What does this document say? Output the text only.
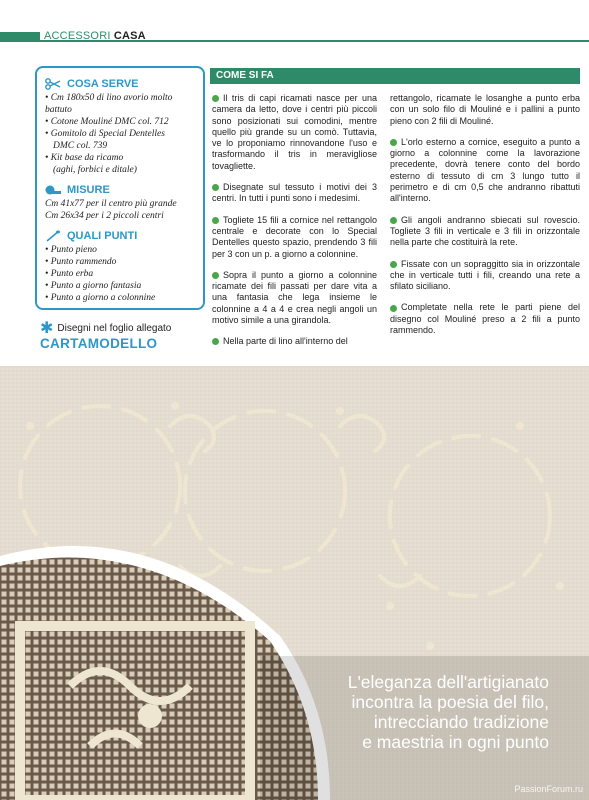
ACCESSORI CASA
COSA SERVE
• Cm 180x50 di lino avorio molto battuto
• Cotone Mouliné DMC col. 712
• Gomitolo di Special Dentelles
DMC col. 739
• Kit base da ricamo
(aghi, forbici e ditale)
MISURE
Cm 41x77 per il centro più grande
Cm 26x34 per i 2 piccoli centri
QUALI PUNTI
• Punto pieno
• Punto rammendo
• Punto erba
• Punto a giorno fantasia
• Punto a giorno a colonnine
✱ Disegni nel foglio allegato
CARTAMODELLO
COME SI FA

Il tris di capi ricamati nasce per una camera da letto, dove i centri più piccoli sono posizionati sui comodini, mentre quello più grande su un comò. Tuttavia, ve lo proponiamo rinnovandone l'uso e trasformando il tris in meravigliose tovagliette.

Disegnate sul tessuto i motivi dei 3 centri. In tutti i punti sono i medesimi.

Togliete 15 fili a cornice nel rettangolo centrale e decorate con lo Special Dentelles questo spazio, prendendo 3 fili per 3 con un p. a giorno a colonnine.

Sopra il punto a giorno a colonnine ricamate dei fili passati per dare vita a una fantasia che lega insieme le colonnine a 4 a 4 e crea negli angoli un motivo simile a una girandola.

Nella parte di lino all'interno del

rettangolo, ricamate le losanghe a punto erba con un solo filo di Mouliné e i pallini a punto pieno con 2 fili di Mouliné.

L'orlo esterno a cornice, eseguito a punto a giorno a colonnine come la lavorazione precedente, dovrà tenere conto del bordo esterno di tessuto di cm 3 lungo tutto il perimetro e di cm 0,5 che andranno ribattuti all'interno.

Gli angoli andranno sbiecati sul rovescio. Togliete 3 fili in verticale e 3 fili in orizzontale nella parte che costituirà la rete.

Fissate con un sopraggitto sia in orizzontale che in verticale tutti i fili, creando una rete a sfilato siciliano.

Completate nella rete le parti piene del disegno col Mouliné preso a 2 fili a punto rammendo.

L'eleganza dell'artigianato
incontra la poesia del filo,
intrecciando tradizione
e maestria in ogni punto
PassionForum.ru
